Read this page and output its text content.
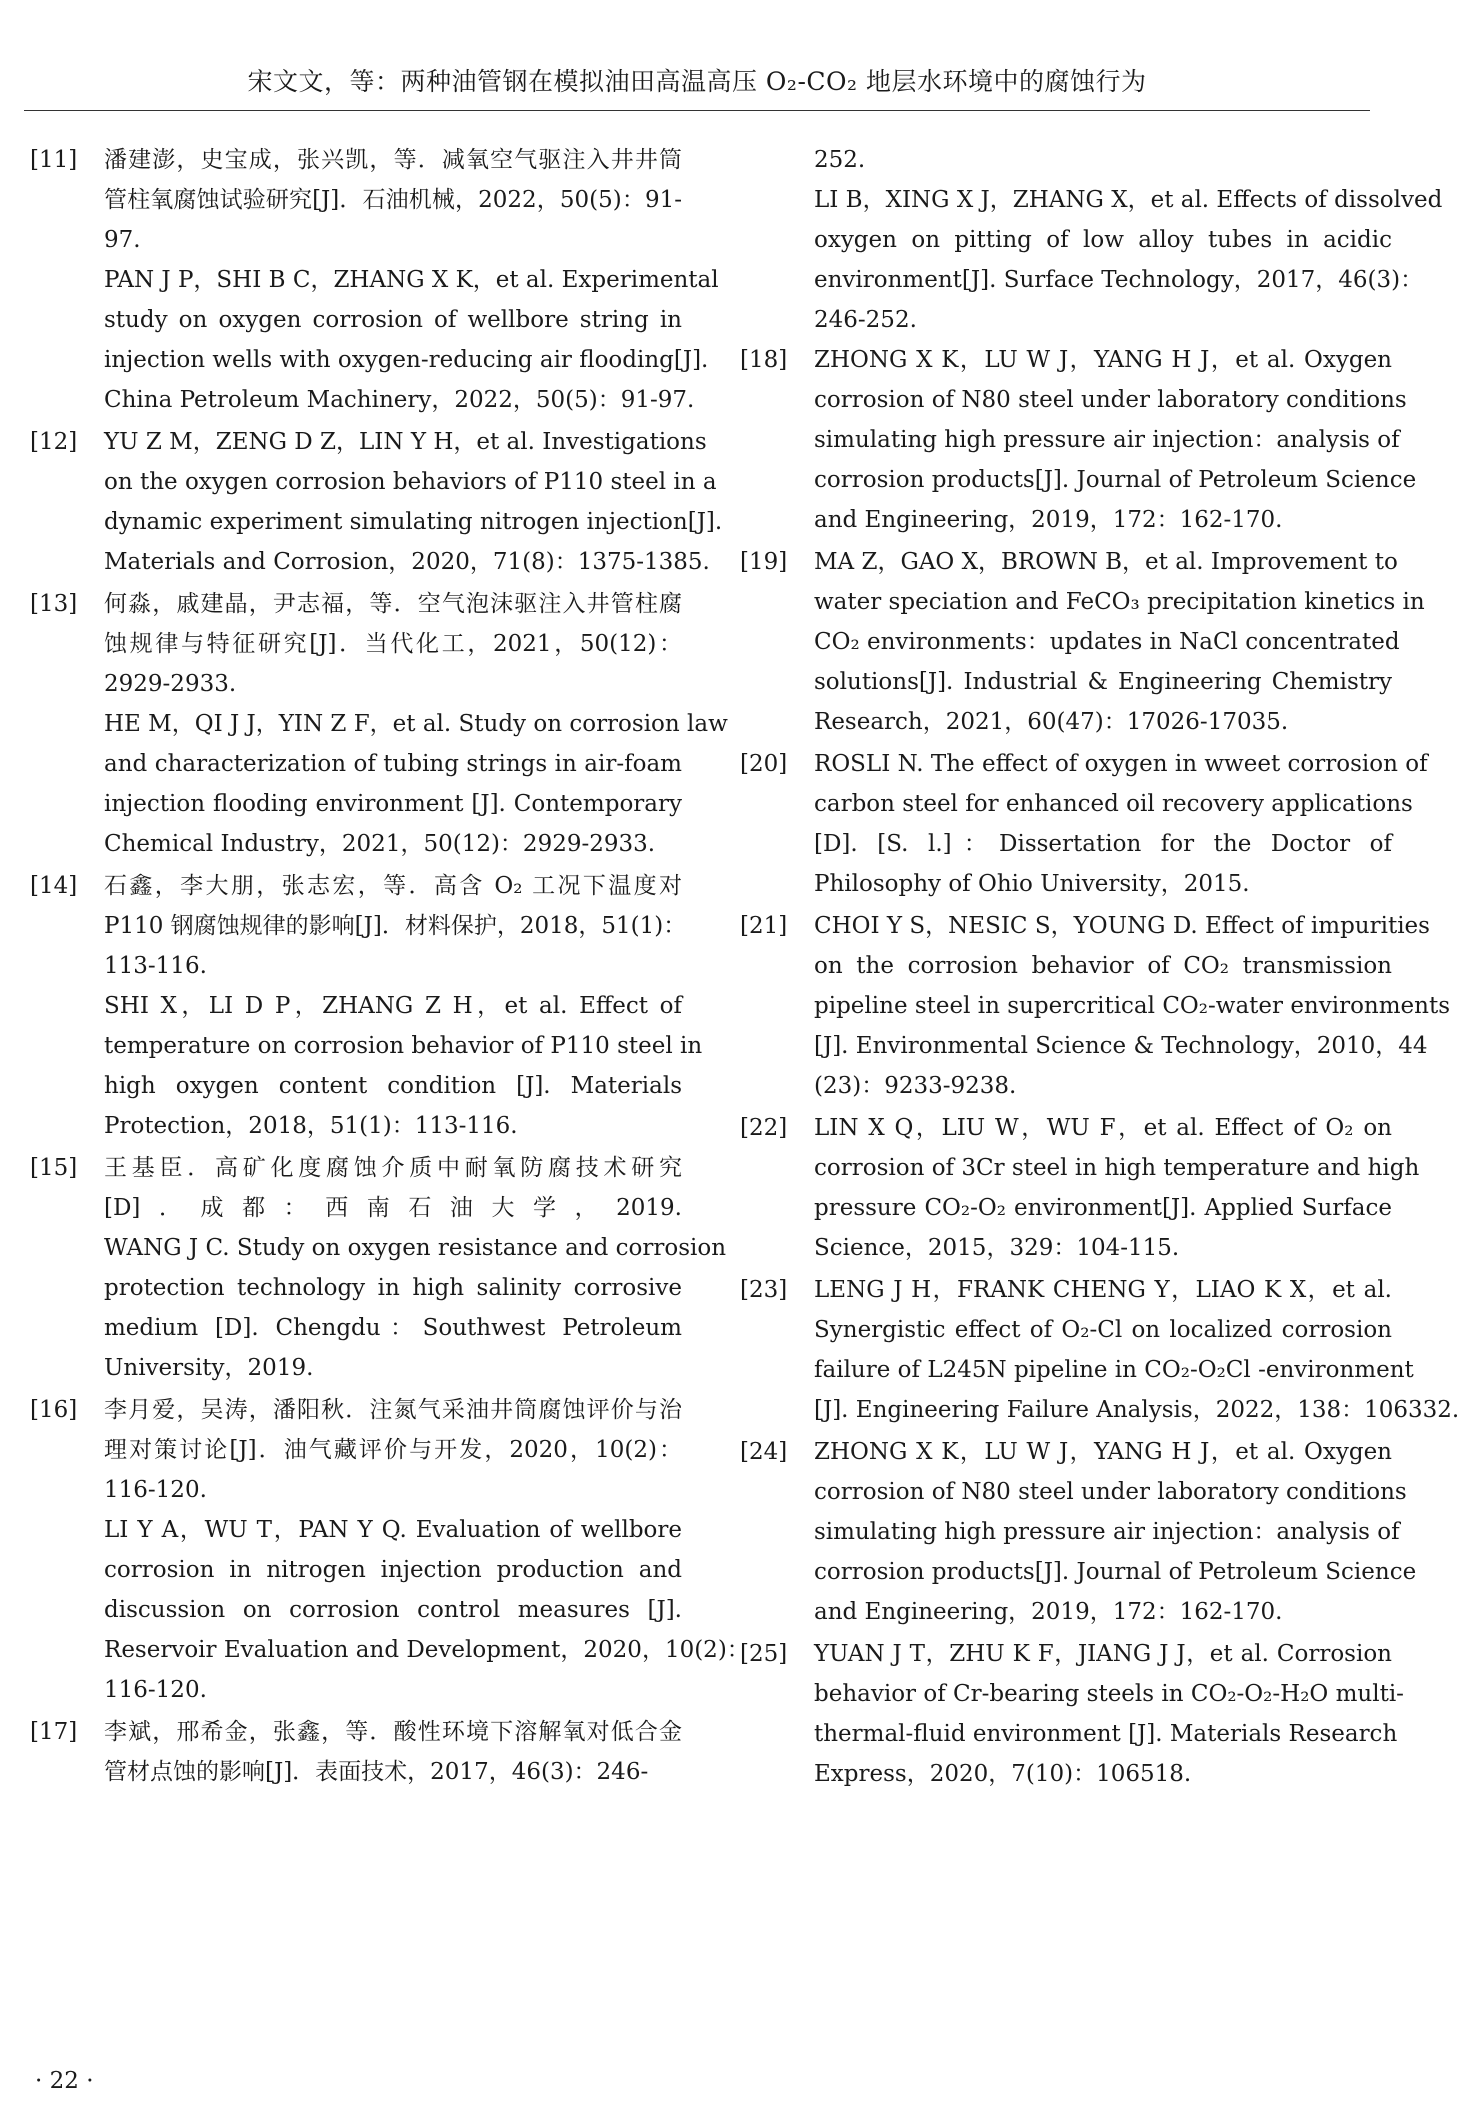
宋文文，等：两种油管钢在模拟油田高温高压 O₂-CO₂ 地层水环境中的腐蚀行为
[11]	潘建澎，史宝成，张兴凯，等．减氧空气驱注入井井筒
管柱氧腐蚀试验研究[J]．石油机械，2022，50(5)：91-
97.
PAN J P，SHI B C，ZHANG X K，et al. Experimental
study on oxygen corrosion of wellbore string in
injection wells with oxygen-reducing air flooding[J].
China Petroleum Machinery，2022，50(5)：91-97.
[12]	YU Z M，ZENG D Z，LIN Y H，et al. Investigations
on the oxygen corrosion behaviors of P110 steel in a
dynamic experiment simulating nitrogen injection[J].
Materials and Corrosion，2020，71(8)：1375-1385.
[13]	何淼，戚建晶，尹志福，等．空气泡沫驱注入井管柱腐
蚀规律与特征研究[J]．当代化工，2021，50(12)：
2929-2933.
HE M，QI J J，YIN Z F，et al. Study on corrosion law
and characterization of tubing strings in air-foam
injection flooding environment [J]. Contemporary
Chemical Industry，2021，50(12)：2929-2933.
[14]	石鑫，李大朋，张志宏，等．高含 O₂ 工况下温度对
P110 钢腐蚀规律的影响[J]．材料保护，2018，51(1)：
113-116.
SHI X，LI D P，ZHANG Z H，et al. Effect of
temperature on corrosion behavior of P110 steel in
high oxygen content condition [J]. Materials
Protection，2018，51(1)：113-116.
[15]	王基臣．高矿化度腐蚀介质中耐氧防腐技术研究
[D]．成都：西南石油大学，2019.
WANG J C. Study on oxygen resistance and corrosion
protection technology in high salinity corrosive
medium [D]. Chengdu：Southwest Petroleum
University，2019.
[16]	李月爱，吴涛，潘阳秋．注氮气采油井筒腐蚀评价与治
理对策讨论[J]．油气藏评价与开发，2020，10(2)：
116-120.
LI Y A，WU T，PAN Y Q. Evaluation of wellbore
corrosion in nitrogen injection production and
discussion on corrosion control measures [J].
Reservoir Evaluation and Development，2020，10(2)：
116-120.
[17]	李斌，邢希金，张鑫，等．酸性环境下溶解氧对低合金
管材点蚀的影响[J]．表面技术，2017，46(3)：246-
252.
LI B，XING X J，ZHANG X，et al. Effects of dissolved
oxygen on pitting of low alloy tubes in acidic
environment[J]. Surface Technology，2017，46(3)：
246-252.
[18]	ZHONG X K，LU W J，YANG H J，et al. Oxygen
corrosion of N80 steel under laboratory conditions
simulating high pressure air injection：analysis of
corrosion products[J]. Journal of Petroleum Science
and Engineering，2019，172：162-170.
[19]	MA Z，GAO X，BROWN B，et al. Improvement to
water speciation and FeCO₃ precipitation kinetics in
CO₂ environments：updates in NaCl concentrated
solutions[J]. Industrial & Engineering Chemistry
Research，2021，60(47)：17026-17035.
[20]	ROSLI N. The effect of oxygen in wweet corrosion of
carbon steel for enhanced oil recovery applications
[D]. [S. l.]：Dissertation for the Doctor of
Philosophy of Ohio University，2015.
[21]	CHOI Y S，NESIC S，YOUNG D. Effect of impurities
on the corrosion behavior of CO₂ transmission
pipeline steel in supercritical CO₂-water environments
[J]. Environmental Science & Technology，2010，44
(23)：9233-9238.
[22]	LIN X Q，LIU W，WU F，et al. Effect of O₂ on
corrosion of 3Cr steel in high temperature and high
pressure CO₂-O₂ environment[J]. Applied Surface
Science，2015，329：104-115.
[23]	LENG J H，FRANK CHENG Y，LIAO K X，et al.
Synergistic effect of O₂-Cl on localized corrosion
failure of L245N pipeline in CO₂-O₂Cl -environment
[J]. Engineering Failure Analysis，2022，138：106332.
[24]	ZHONG X K，LU W J，YANG H J，et al. Oxygen
corrosion of N80 steel under laboratory conditions
simulating high pressure air injection：analysis of
corrosion products[J]. Journal of Petroleum Science
and Engineering，2019，172：162-170.
[25]	YUAN J T，ZHU K F，JIANG J J，et al. Corrosion
behavior of Cr-bearing steels in CO₂-O₂-H₂O multi-
thermal-fluid environment [J]. Materials Research
Express，2020，7(10)：106518.
· 22 ·
